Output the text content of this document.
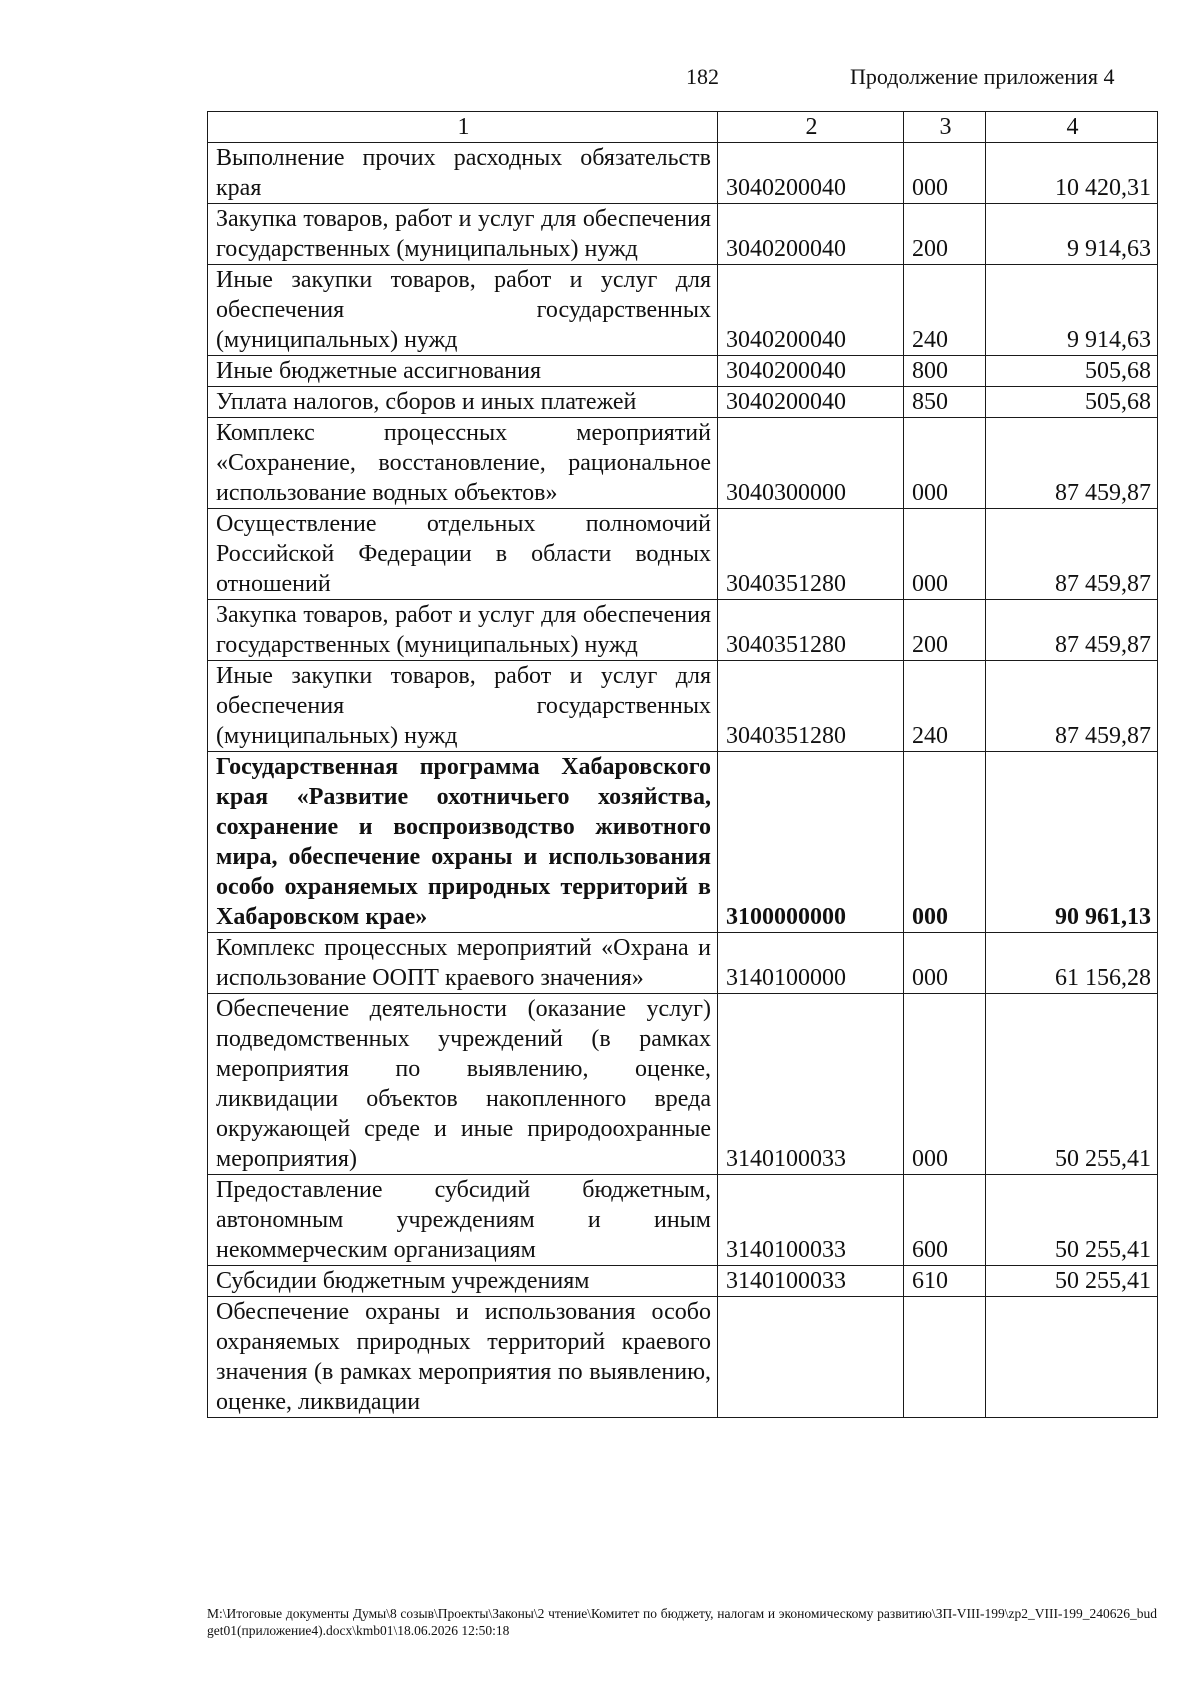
182	Продолжение приложения 4
1	2	3	4
Выполнение прочих расходных обязательств края	3040200040	000	10 420,31
Закупка товаров, работ и услуг для обеспечения государственных (муниципальных) нужд	3040200040	200	9 914,63
Иные закупки товаров, работ и услуг для обеспечения государственных (муниципальных) нужд	3040200040	240	9 914,63
Иные бюджетные ассигнования	3040200040	800	505,68
Уплата налогов, сборов и иных платежей	3040200040	850	505,68
Комплекс процессных мероприятий «Сохранение, восстановление, рациональное использование водных объектов»	3040300000	000	87 459,87
Осуществление отдельных полномочий Российской Федерации в области водных отношений	3040351280	000	87 459,87
Закупка товаров, работ и услуг для обеспечения государственных (муниципальных) нужд	3040351280	200	87 459,87
Иные закупки товаров, работ и услуг для обеспечения государственных (муниципальных) нужд	3040351280	240	87 459,87
Государственная программа Хабаровского края «Развитие охотничьего хозяйства, сохранение и воспроизводство животного мира, обеспечение охраны и использования особо охраняемых природных территорий в Хабаровском крае»	3100000000	000	90 961,13
Комплекс процессных мероприятий «Охрана и использование ООПТ краевого значения»	3140100000	000	61 156,28
Обеспечение деятельности (оказание услуг) подведомственных учреждений (в рамках мероприятия по выявлению, оценке, ликвидации объектов накопленного вреда окружающей среде и иные природоохранные мероприятия)	3140100033	000	50 255,41
Предоставление субсидий бюджетным, автономным учреждениям и иным некоммерческим организациям	3140100033	600	50 255,41
Субсидии бюджетным учреждениям	3140100033	610	50 255,41
Обеспечение охраны и использования особо охраняемых природных территорий краевого значения (в рамках мероприятия по выявлению, оценке, ликвидации			
M:\Итоговые документы Думы\8 созыв\Проекты\Законы\2 чтение\Комитет по бюджету, налогам и экономическому развитию\ЗП-VIII-199\zp2_VIII-199_240626_budget01(приложение4).docx\kmb01\18.06.2026 12:50:18
